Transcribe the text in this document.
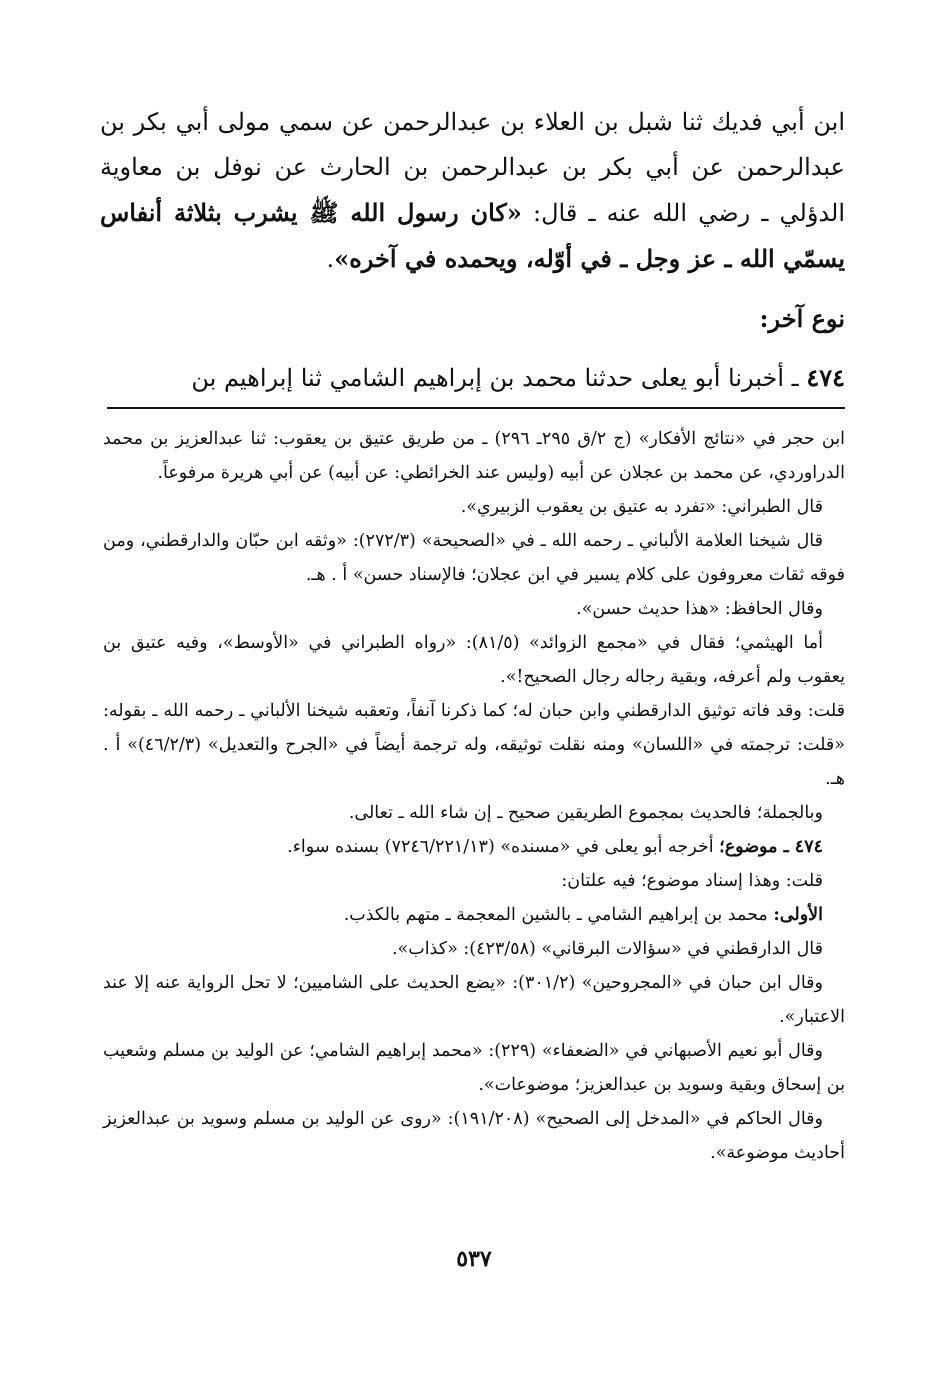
ابن أبي فديك ثنا شبل بن العلاء بن عبدالرحمن عن سمي مولى أبي بكر بن عبدالرحمن عن أبي بكر بن عبدالرحمن بن الحارث عن نوفل بن معاوية الدؤلي ـ رضي الله عنه ـ قال: «كان رسول الله ﷺ يشرب بثلاثة أنفاس يسمّي الله ـ عز وجل ـ في أوّله، ويحمده في آخره».

نوع آخر:

٤٧٤ ـ أخبرنا أبو يعلى حدثنا محمد بن إبراهيم الشامي ثنا إبراهيم بن

ابن حجر في «نتائج الأفكار» (ج ٢/ق ٢٩٥ـ ٢٩٦) ـ من طريق عتيق بن يعقوب: ثنا عبدالعزيز بن محمد الدراوردي، عن محمد بن عجلان عن أبيه (وليس عند الخرائطي: عن أبيه) عن أبي هريرة مرفوعاً.

قال الطبراني: «تفرد به عتيق بن يعقوب الزبيري».

قال شيخنا العلامة الألباني ـ رحمه الله ـ في «الصحيحة» (٢٧٢/٣): «وثقه ابن حبّان والدارقطني، ومن فوقه ثقات معروفون على كلام يسير في ابن عجلان؛ فالإسناد حسن» أ . هـ.

وقال الحافظ: «هذا حديث حسن».

أما الهيثمي؛ فقال في «مجمع الزوائد» (٨١/٥): «رواه الطبراني في «الأوسط»، وفيه عتيق بن يعقوب ولم أعرفه، وبقية رجاله رجال الصحيح!».

قلت: وقد فاته توثيق الدارقطني وابن حبان له؛ كما ذكرنا آنفاً، وتعقبه شيخنا الألباني ـ رحمه الله ـ بقوله: «قلت: ترجمته في «اللسان» ومنه نقلت توثيقه، وله ترجمة أيضاً في «الجرح والتعديل» (٤٦/٢/٣)» أ . هـ.

وبالجملة؛ فالحديث بمجموع الطريقين صحيح ـ إن شاء الله ـ تعالى.

٤٧٤ ـ موضوع؛ أخرجه أبو يعلى في «مسنده» (٧٢٤٦/٢٢١/١٣) بسنده سواء.

قلت: وهذا إسناد موضوع؛ فيه علتان:

الأولى: محمد بن إبراهيم الشامي ـ بالشين المعجمة ـ متهم بالكذب.

قال الدارقطني في «سؤالات البرقاني» (٤٢٣/٥٨): «كذاب».

وقال ابن حبان في «المجروحين» (٣٠١/٢): «يضع الحديث على الشاميين؛ لا تحل الرواية عنه إلا عند الاعتبار».

وقال أبو نعيم الأصبهاني في «الضعفاء» (٢٢٩): «محمد إبراهيم الشامي؛ عن الوليد بن مسلم وشعيب بن إسحاق وبقية وسويد بن عبدالعزيز؛ موضوعات».

وقال الحاكم في «المدخل إلى الصحيح» (١٩١/٢٠٨): «روى عن الوليد بن مسلم وسويد بن عبدالعزيز أحاديث موضوعة».

٥٣٧
